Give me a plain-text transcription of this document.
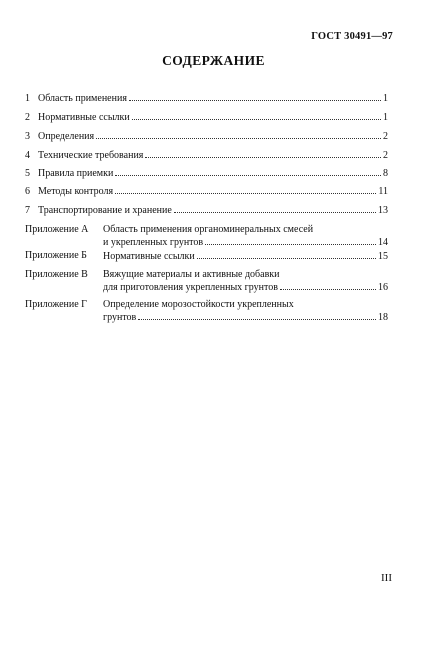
ГОСТ 30491—97
СОДЕРЖАНИЕ
1 Область применения	1
2 Нормативные ссылки	1
3 Определения	2
4 Технические требования	2
5 Правила приемки	8
6 Методы контроля	11
7 Транспортирование и хранение	13
Приложение А	Область применения органоминеральных смесей
и укрепленных грунтов	14
Приложение Б	Нормативные ссылки	15
Приложение В	Вяжущие материалы и активные добавки
для приготовления укрепленных грунтов	16
Приложение Г	Определение морозостойкости укрепленных
грунтов	18
III
